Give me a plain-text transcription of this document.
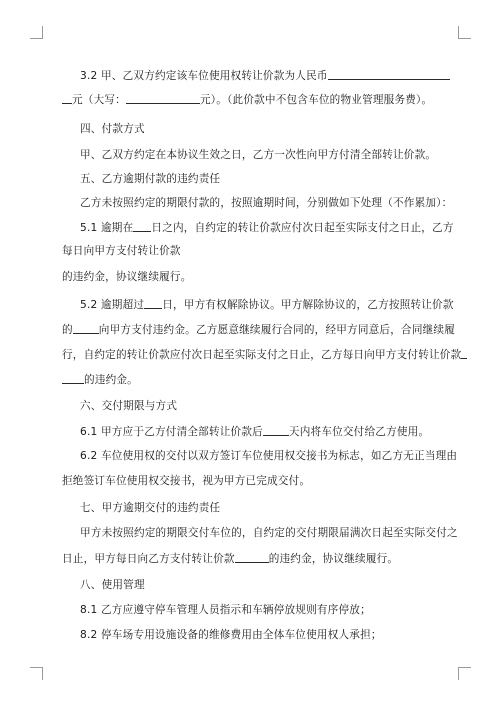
3.2 甲、乙双方约定该车位使用权转让价款为人民币
元（大写：	元）。（此价款中不包含车位的物业管理服务费）。
四、付款方式
甲、乙双方约定在本协议生效之日，乙方一次性向甲方付清全部转让价款。
五、乙方逾期付款的违约责任
乙方未按照约定的期限付款的，按照逾期时间，分别做如下处理（不作累加）：
5.1 逾期在 日之内，自约定的转让价款应付次日起至实际支付之日止，乙方
每日向甲方支付转让价款
的违约金，协议继续履行。
5.2 逾期超过 日，甲方有权解除协议。甲方解除协议的，乙方按照转让价款
的 向甲方支付违约金。乙方愿意继续履行合同的，经甲方同意后，合同继续履
行，自约定的转让价款应付次日起至实际支付之日止，乙方每日向甲方支付转让价款
的违约金。
六、交付期限与方式
6.1 甲方应于乙方付清全部转让价款后 天内将车位交付给乙方使用。
6.2 车位使用权的交付以双方签订车位使用权交接书为标志，如乙方无正当理由
拒绝签订车位使用权交接书，视为甲方已完成交付。
七、甲方逾期交付的违约责任
甲方未按照约定的期限交付车位的，自约定的交付期限届满次日起至实际交付之
日止，甲方每日向乙方支付转让价款	的违约金，协议继续履行。
八、使用管理
8.1 乙方应遵守停车管理人员指示和车辆停放规则有序停放；
8.2 停车场专用设施设备的维修费用由全体车位使用权人承担；
